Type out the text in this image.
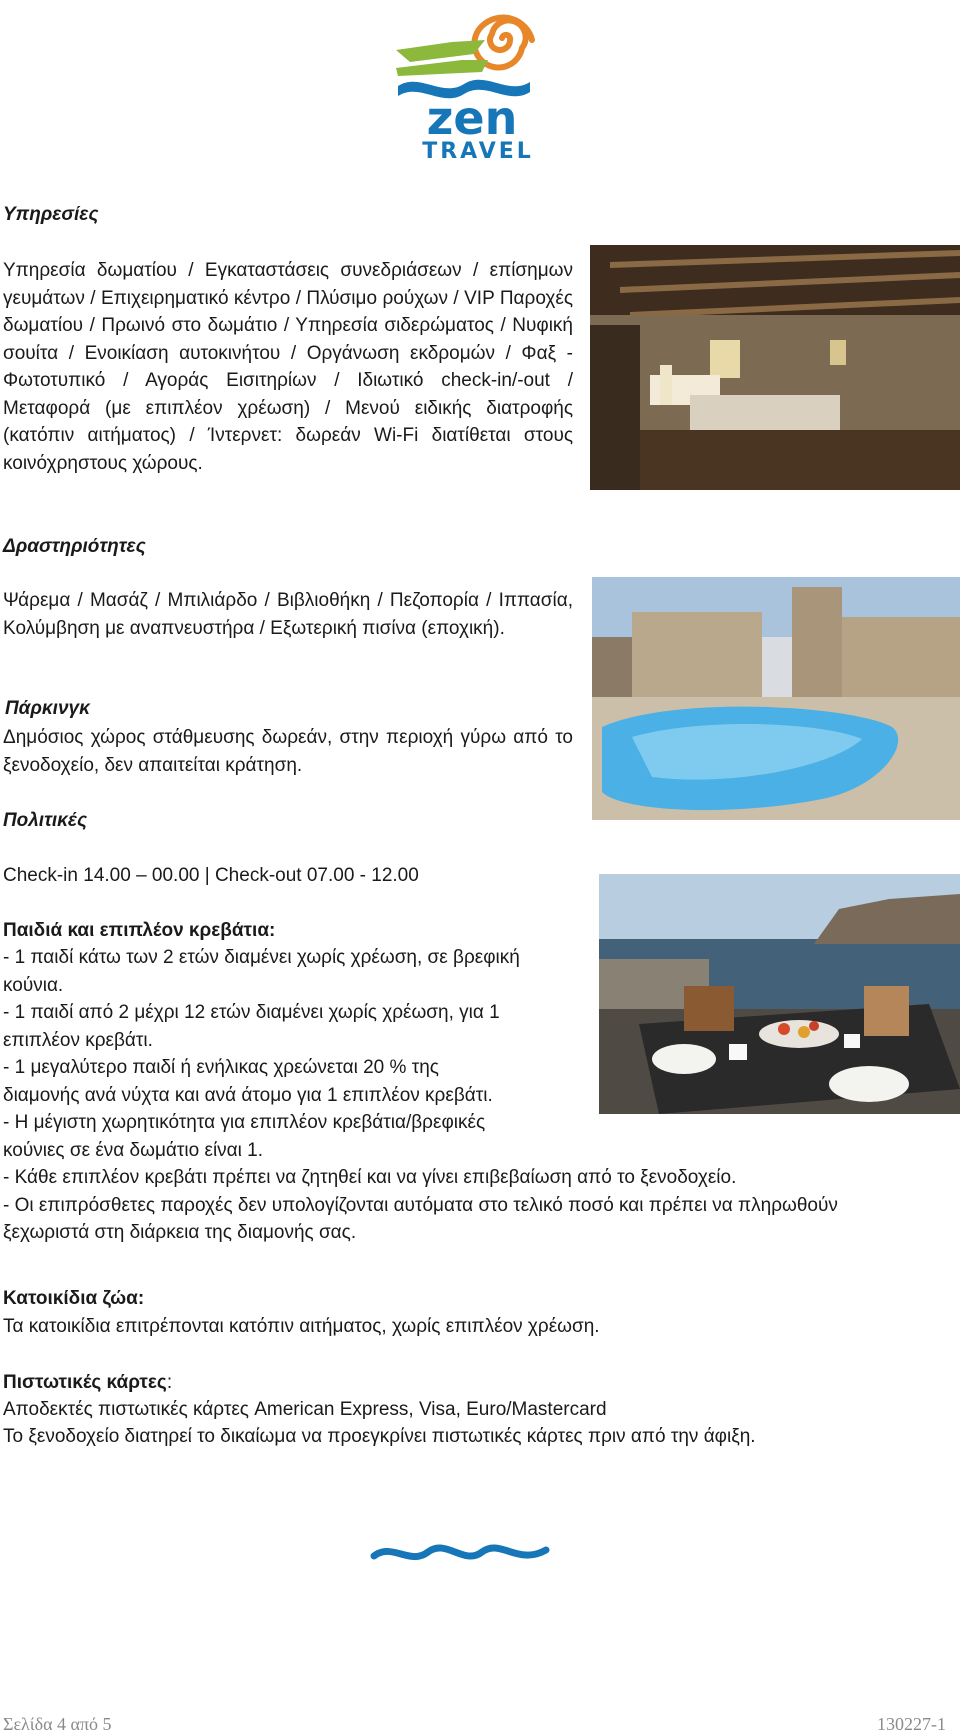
zen
TRAVEL
Υπηρεσίες
Υπηρεσία δωματίου / Εγκαταστάσεις συνεδριάσεων / επίσημων γευμάτων / Επιχειρηματικό κέντρο / Πλύσιμο ρούχων / VIP Παροχές δωματίου / Πρωινό στο δωμάτιο / Υπηρεσία σιδερώματος / Νυφική σουίτα / Ενοικίαση αυτοκινήτου / Οργάνωση εκδρομών / Φαξ - Φωτοτυπικό / Αγοράς Εισιτηρίων / Ιδιωτικό check-in/-out / Μεταφορά (με επιπλέον χρέωση) / Μενού ειδικής διατροφής (κατόπιν αιτήματος) / Ίντερνετ: δωρεάν Wi-Fi διατίθεται στους κοινόχρηστους χώρους.
Δραστηριότητες
Ψάρεμα / Μασάζ / Μπιλιάρδο / Βιβλιοθήκη / Πεζοπορία / Ιππασία, Κολύμβηση με αναπνευστήρα / Εξωτερική πισίνα (εποχική).
Πάρκινγκ
Δημόσιος χώρος στάθμευσης δωρεάν, στην περιοχή γύρω από το ξενοδοχείο, δεν απαιτείται κράτηση.
Πολιτικές
Check-in 14.00 – 00.00 | Check-out 07.00 - 12.00
Παιδιά και επιπλέον κρεβάτια:
- 1 παιδί κάτω των 2 ετών διαμένει χωρίς χρέωση, σε βρεφική
κούνια.
- 1 παιδί από 2 μέχρι 12 ετών διαμένει χωρίς χρέωση, για 1
επιπλέον κρεβάτι.
- 1 μεγαλύτερο παιδί ή ενήλικας χρεώνεται 20 % της
διαμονής ανά νύχτα και ανά άτομο για 1 επιπλέον κρεβάτι.
- Η μέγιστη χωρητικότητα για επιπλέον κρεβάτια/βρεφικές
κούνιες σε ένα δωμάτιο είναι 1.
- Κάθε επιπλέον κρεβάτι πρέπει να ζητηθεί και να γίνει επιβεβαίωση από το ξενοδοχείο.
- Οι επιπρόσθετες παροχές δεν υπολογίζονται αυτόματα στο τελικό ποσό και πρέπει να πληρωθούν
ξεχωριστά στη διάρκεια της διαμονής σας.
Κατοικίδια ζώα:
Τα κατοικίδια επιτρέπονται κατόπιν αιτήματος, χωρίς επιπλέον χρέωση.
Πιστωτικές κάρτες:
Αποδεκτές πιστωτικές κάρτες American Express, Visa, Euro/Mastercard
Το ξενοδοχείο διατηρεί το δικαίωμα να προεγκρίνει πιστωτικές κάρτες πριν από την άφιξη.
Σελίδα 4 από 5	130227-1
